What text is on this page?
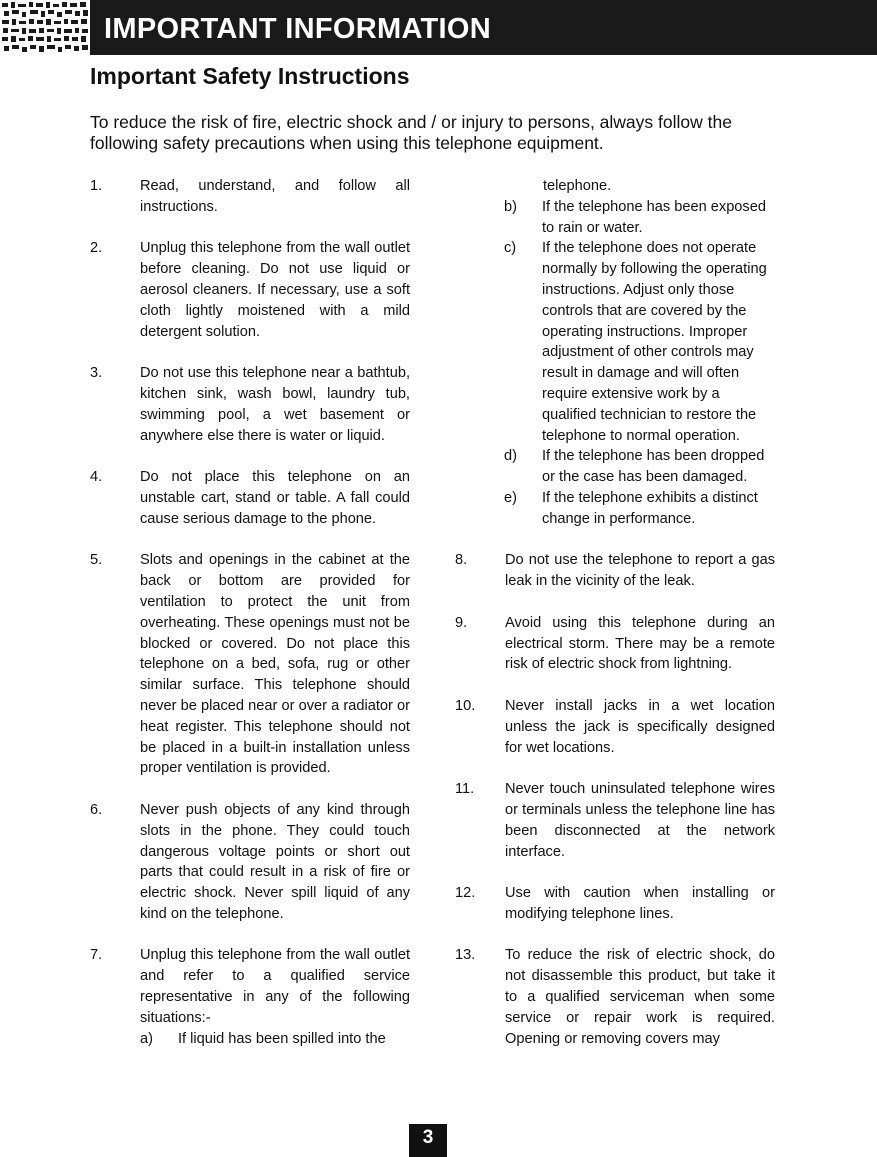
IMPORTANT INFORMATION
Important Safety Instructions
To reduce the risk of fire, electric shock and / or injury to persons, always follow the following safety precautions when using this telephone equipment.
1.	Read, understand, and follow all instructions.
2.	Unplug this telephone from the wall outlet before cleaning. Do not use liquid or aerosol cleaners. If necessary, use a soft cloth lightly moistened with a mild detergent solution.
3.	Do not use this telephone near a bathtub, kitchen sink, wash bowl, laundry tub, swimming pool, a wet basement or anywhere else there is water or liquid.
4.	Do not place this telephone on an unstable cart, stand or table. A fall could cause serious damage to the phone.
5.	Slots and openings in the cabinet at the back or bottom are provided for ventilation to protect the unit from overheating. These openings must not be blocked or covered. Do not place this telephone on a bed, sofa, rug or other similar surface. This telephone should never be placed near or over a radiator or heat register. This telephone should not be placed in a built-in installation unless proper ventilation is provided.
6.	Never push objects of any kind through slots in the phone. They could touch dangerous voltage points or short out parts that could result in a risk of fire or electric shock. Never spill liquid of any kind on the telephone.
7.	Unplug this telephone from the wall outlet and refer to a qualified service representative in any of the following situations:-
a)	If liquid has been spilled into the
telephone.
b)	If the telephone has been exposed to rain or water.
c)	If the telephone does not operate normally by following the operating instructions. Adjust only those controls that are covered by the operating instructions. Improper adjustment of other controls may result in damage and will often require extensive work by a qualified technician to restore the telephone to normal operation.
d)	If the telephone has been dropped or the case has been damaged.
e)	If the telephone exhibits a distinct change in performance.
8.	Do not use the telephone to report a gas leak in the vicinity of the leak.
9.	Avoid using this telephone during an electrical storm. There may be a remote risk of electric shock from lightning.
10.	Never install jacks in a wet location unless the jack is specifically designed for wet locations.
11.	Never touch uninsulated telephone wires or terminals unless the telephone line has been disconnected at the network interface.
12.	Use with caution when installing or modifying telephone lines.
13.	To reduce the risk of electric shock, do not disassemble this product, but take it to a qualified serviceman when some service or repair work is required. Opening or removing covers may
3
